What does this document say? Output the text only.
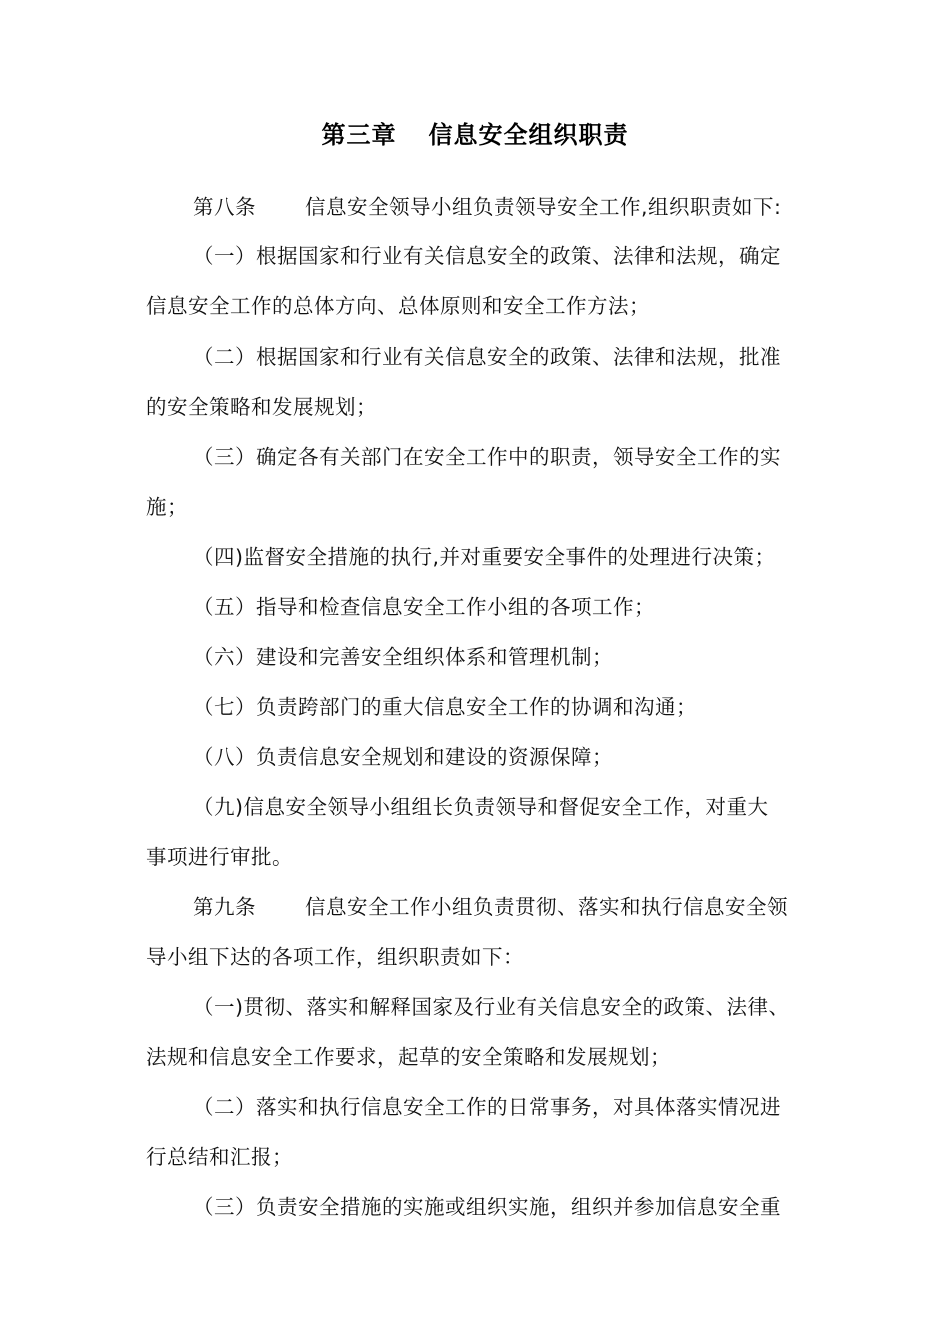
第三章 信息安全组织职责
第八条 信息安全领导小组负责领导安全工作,组织职责如下:
（一）根据国家和行业有关信息安全的政策、法律和法规，确定
信息安全工作的总体方向、总体原则和安全工作方法；
（二）根据国家和行业有关信息安全的政策、法律和法规，批准
的安全策略和发展规划；
（三）确定各有关部门在安全工作中的职责，领导安全工作的实
施；
（四)监督安全措施的执行,并对重要安全事件的处理进行决策；
（五）指导和检查信息安全工作小组的各项工作；
（六）建设和完善安全组织体系和管理机制；
（七）负责跨部门的重大信息安全工作的协调和沟通；
（八）负责信息安全规划和建设的资源保障；
（九)信息安全领导小组组长负责领导和督促安全工作，对重大
事项进行审批。
第九条 信息安全工作小组负责贯彻、落实和执行信息安全领
导小组下达的各项工作，组织职责如下：
（一)贯彻、落实和解释国家及行业有关信息安全的政策、法律、
法规和信息安全工作要求，起草的安全策略和发展规划；
（二）落实和执行信息安全工作的日常事务，对具体落实情况进
行总结和汇报；
（三）负责安全措施的实施或组织实施，组织并参加信息安全重
